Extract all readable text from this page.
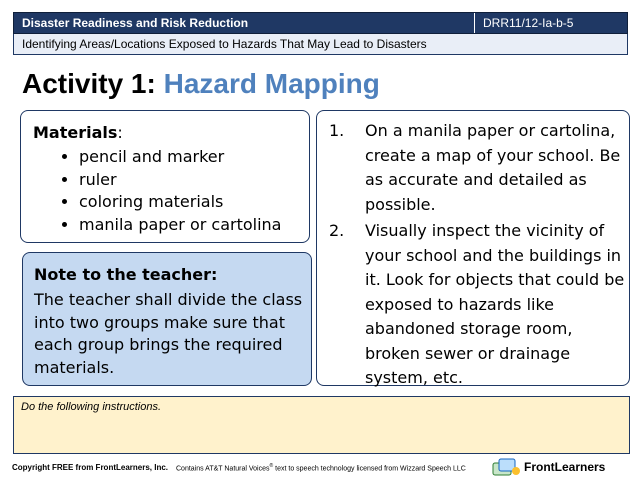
Disaster Readiness and Risk Reduction	DRR11/12-Ia-b-5
Identifying Areas/Locations Exposed to Hazards That May Lead to Disasters
Activity 1: Hazard Mapping
Materials:
• pencil and marker
• ruler
• coloring materials
• manila paper or cartolina
Note to the teacher:
The teacher shall divide the class into two groups make sure that each group brings the required materials.
1. On a manila paper or cartolina, create a map of your school. Be as accurate and detailed as possible.
2. Visually inspect the vicinity of your school and the buildings in it. Look for objects that could be exposed to hazards like abandoned storage room, broken sewer or drainage system, etc.
Do the following instructions.
Copyright FREE from FrontLearners, Inc. Contains AT&T Natural Voices® text to speech technology licensed from Wizzard Speech LLC	FrontLearners
